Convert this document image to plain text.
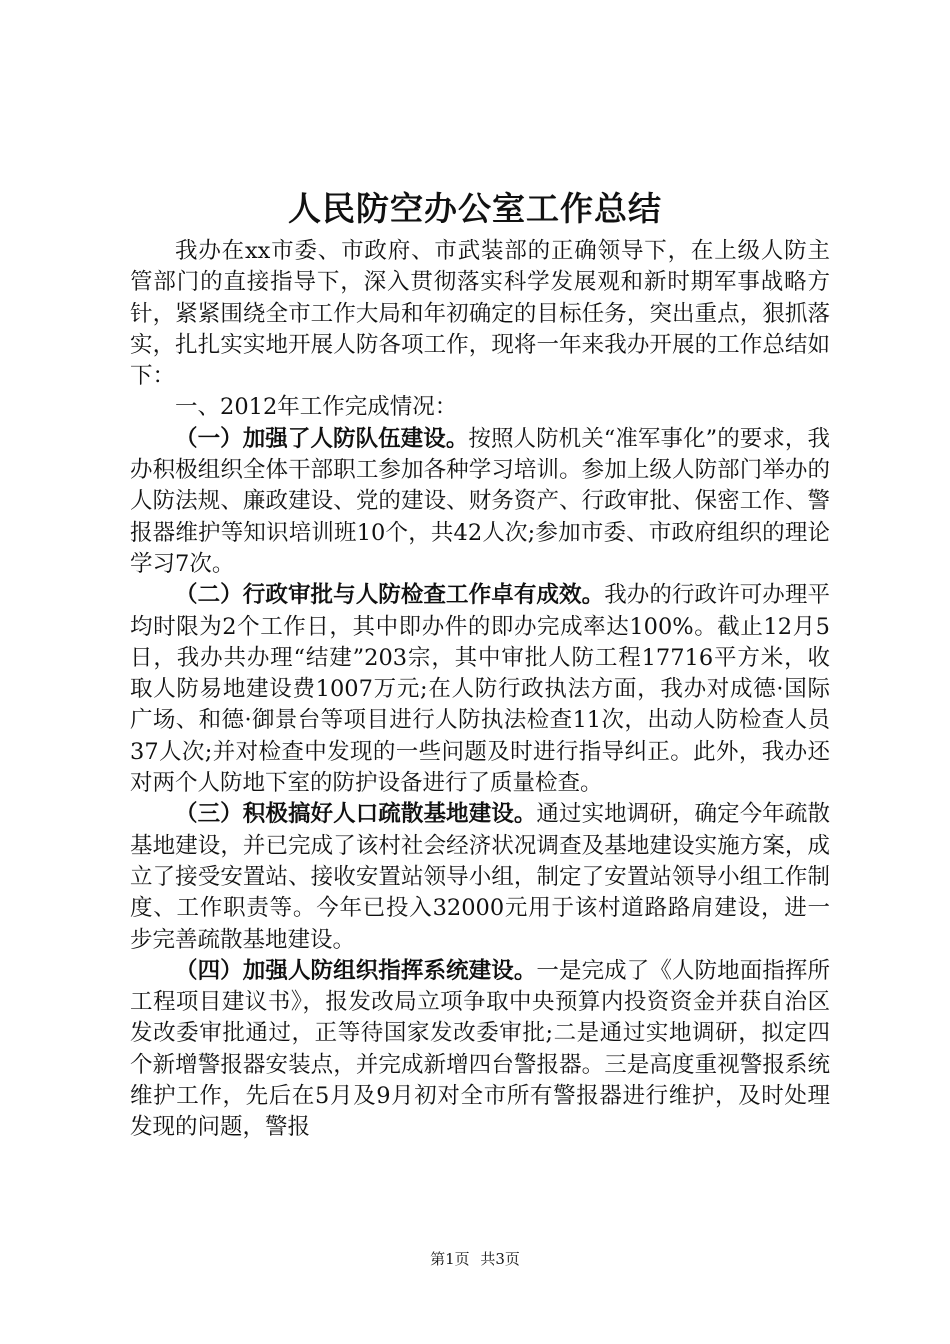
人民防空办公室工作总结

我办在xx市委、市政府、市武装部的正确领导下，在上级人防主管部门的直接指导下，深入贯彻落实科学发展观和新时期军事战略方针，紧紧围绕全市工作大局和年初确定的目标任务，突出重点，狠抓落实，扎扎实实地开展人防各项工作，现将一年来我办开展的工作总结如下：

一、2012年工作完成情况：

（一）加强了人防队伍建设。按照人防机关“准军事化”的要求，我办积极组织全体干部职工参加各种学习培训。参加上级人防部门举办的人防法规、廉政建设、党的建设、财务资产、行政审批、保密工作、警报器维护等知识培训班10个，共42人次;参加市委、市政府组织的理论学习7次。

（二）行政审批与人防检查工作卓有成效。我办的行政许可办理平均时限为2个工作日，其中即办件的即办完成率达100%。截止12月5日，我办共办理“结建”203宗，其中审批人防工程17716平方米，收取人防易地建设费1007万元;在人防行政执法方面，我办对成德·国际广场、和德·御景台等项目进行人防执法检查11次，出动人防检查人员37人次;并对检查中发现的一些问题及时进行指导纠正。此外，我办还对两个人防地下室的防护设备进行了质量检查。

（三）积极搞好人口疏散基地建设。通过实地调研，确定今年疏散基地建设，并已完成了该村社会经济状况调查及基地建设实施方案，成立了接受安置站、接收安置站领导小组，制定了安置站领导小组工作制度、工作职责等。今年已投入32000元用于该村道路路肩建设，进一步完善疏散基地建设。

（四）加强人防组织指挥系统建设。一是完成了《人防地面指挥所工程项目建议书》，报发改局立项争取中央预算内投资资金并获自治区发改委审批通过，正等待国家发改委审批;二是通过实地调研，拟定四个新增警报器安装点，并完成新增四台警报器。三是高度重视警报系统维护工作，先后在5月及9月初对全市所有警报器进行维护，及时处理发现的问题，警报

第1页 共3页
